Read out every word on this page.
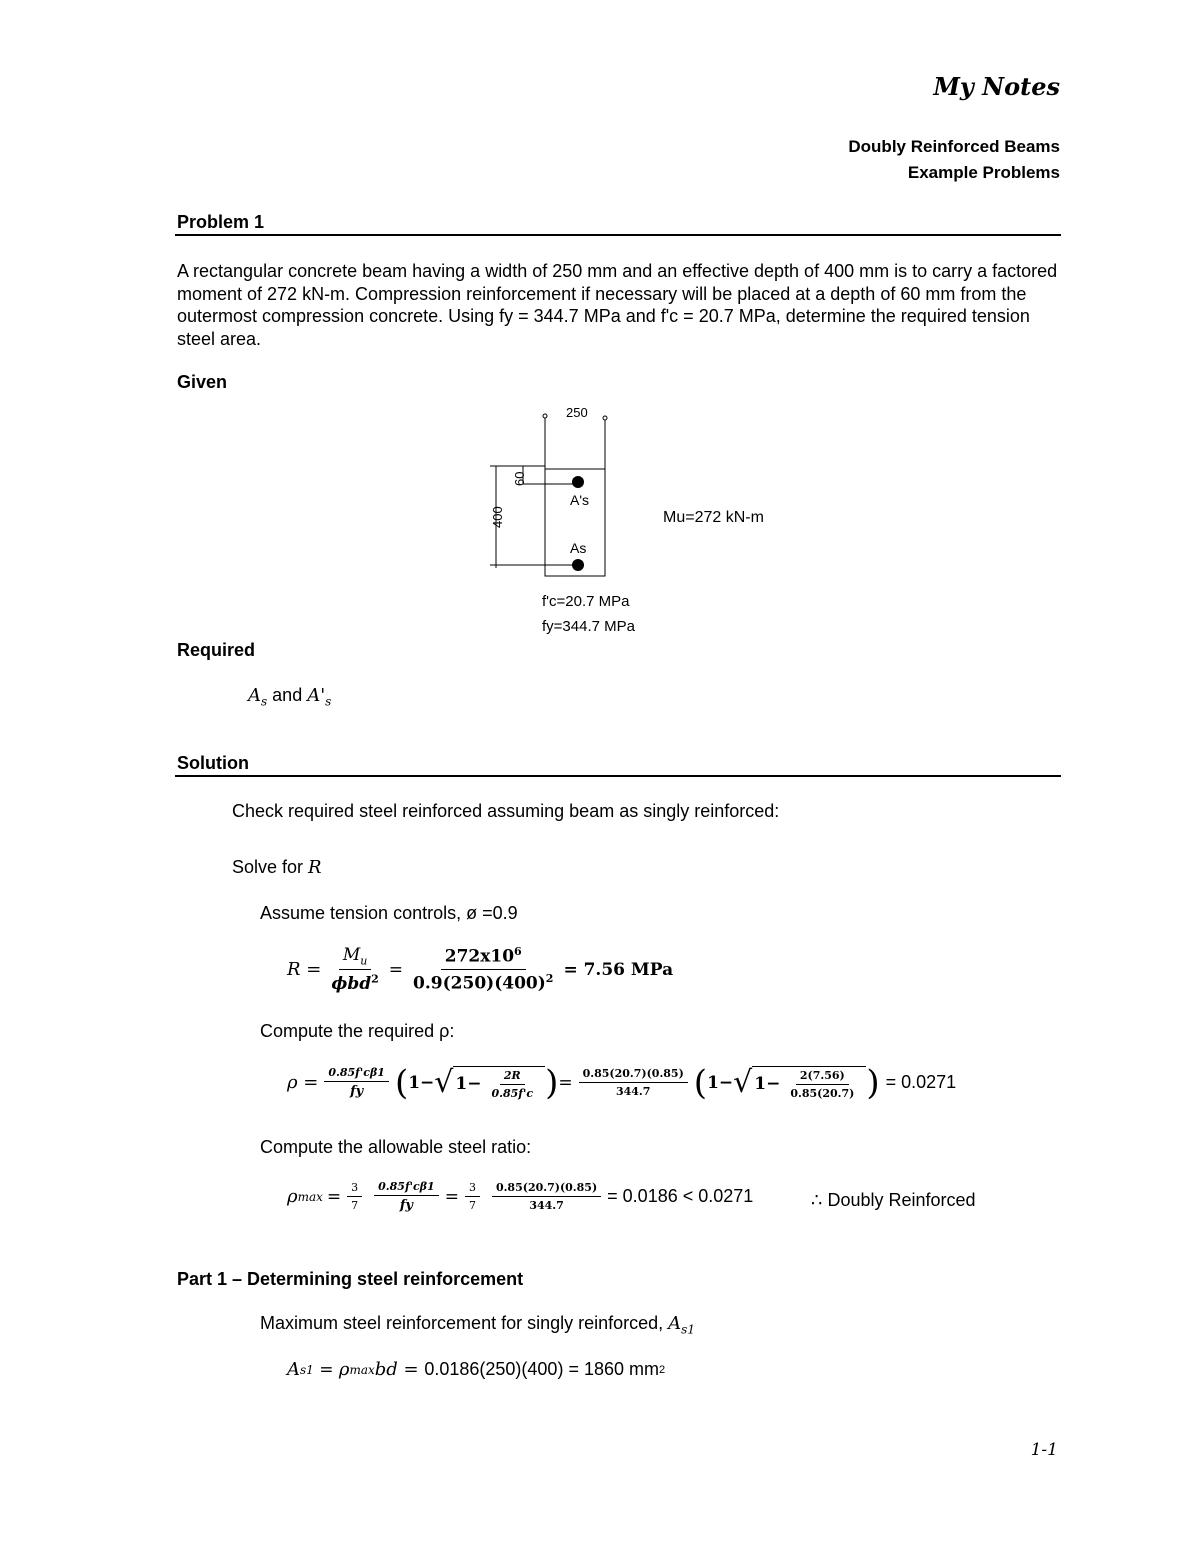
My Notes
Doubly Reinforced Beams
Example Problems
Problem 1
A rectangular concrete beam having a width of 250 mm and an effective depth of 400 mm is to carry a factored moment of 272 kN-m. Compression reinforcement if necessary will be placed at a depth of 60 mm from the outermost compression concrete. Using fy = 344.7 MPa and f'c = 20.7 MPa, determine the required tension steel area.
Given
250
400
60
A's
As
Mu=272 kN-m
f'c=20.7 MPa
fy=344.7 MPa
Required
$A_s$ and $A'_s$
Solution
Check required steel reinforced assuming beam as singly reinforced:
Solve for R
Assume tension controls, ø =0.9
$R = \frac{M_u}{\phi bd^2} = \frac{272x10^6}{0.9(250)(400)^2} = 7.56$ MPa
Compute the required ρ:
$\rho = \frac{0.85f'c\beta 1}{fy}$ ( 1− √ $1- \frac{2R}{0.85f'c}$ ) = $\frac{0.85(20.7)(0.85)}{344.7}$ ( 1− √ $1- \frac{2(7.56)}{0.85(20.7)}$ ) = 0.0271
Compute the allowable steel ratio:
ρ $\max = \frac{3}{7} \frac{0.85f'c\beta 1}{fy} = \frac{3}{7} \frac{0.85(20.7)(0.85)}{344.7} = 0.0186 < 0.0271$	∴ Doubly Reinforced
Part 1 – Determining steel reinforcement
Maximum steel reinforcement for singly reinforced, $A_{s1}$
A s1 = ρ max bd = 0.0186(250)(400) = 1860 mm 2
1-1
